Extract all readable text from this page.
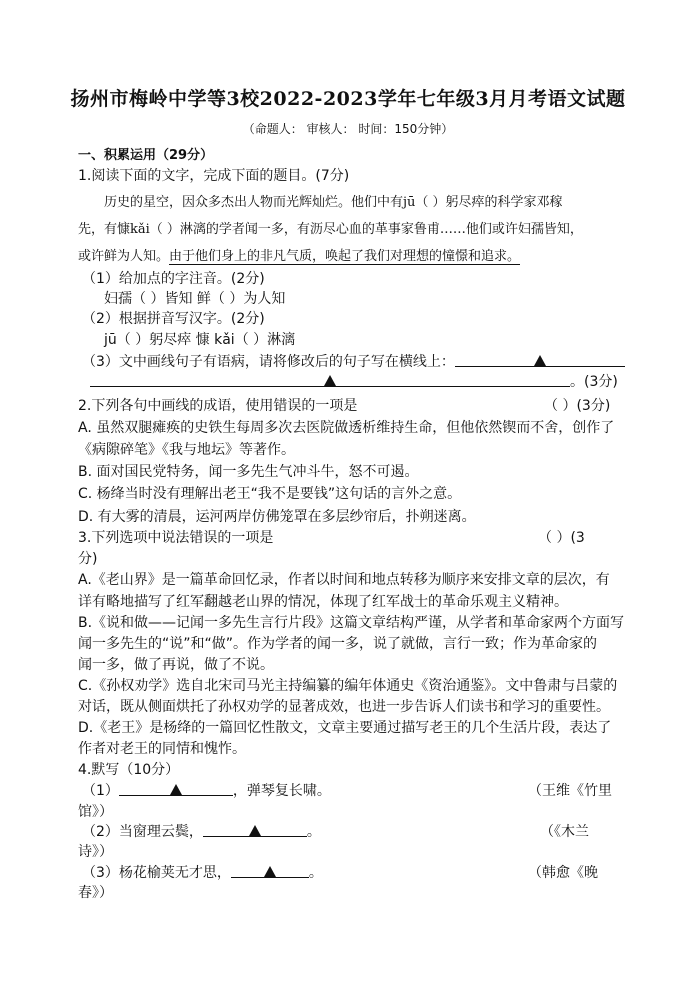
扬州市梅岭中学等3校2022-2023学年七年级3月月考语文试题
（命题人： 审核人： 时间：150分钟）
一、积累运用（29分）
1.阅读下面的文字，完成下面的题目。(7分)
历史的星空，因众多杰出人物而光辉灿烂。他们中有jū（ ）躬尽瘁的科学家邓稼
先，有慷kǎi（ ）淋漓的学者闻一多，有沥尽心血的革事家鲁甫……他们或许妇孺皆知，
或许鲜为人知。由于他们身上的非凡气质，唤起了我们对理想的憧憬和追求。
（1）给加点的字注音。(2分)
妇孺（ ）皆知 鲜（ ）为人知
（2）根据拼音写汉字。(2分)
jū（ ）躬尽瘁 慷 kǎi（ ）淋漓
（3）文中画线句子有语病，请将修改后的句子写在横线上：
。(3分)
2.下列各句中画线的成语，使用错误的一项是	（ ）(3分)
A. 虽然双腿瘫痪的史铁生每周多次去医院做透析维持生命，但他依然锲而不舍，创作了
《病隙碎笔》《我与地坛》等著作。
B. 面对国民党特务，闻一多先生气冲斗牛，怒不可遏。
C. 杨绛当时没有理解出老王“我不是要钱”这句话的言外之意。
D. 有大雾的清晨，运河两岸仿佛笼罩在多层纱帘后，扑朔迷离。
3.下列选项中说法错误的一项是	（ ）(3
分)
A.《老山界》是一篇革命回忆录，作者以时间和地点转移为顺序来安排文章的层次，有
详有略地描写了红军翻越老山界的情况，体现了红军战士的革命乐观主义精神。
B.《说和做——记闻一多先生言行片段》这篇文章结构严谨，从学者和革命家两个方面写
闻一多先生的“说”和“做”。作为学者的闻一多，说了就做，言行一致；作为革命家的
闻一多，做了再说，做了不说。
C.《孙权劝学》选自北宋司马光主持编纂的编年体通史《资治通鉴》。文中鲁肃与吕蒙的
对话，既从侧面烘托了孙权劝学的显著成效，也进一步告诉人们读书和学习的重要性。
D.《老王》是杨绛的一篇回忆性散文，文章主要通过描写老王的几个生活片段，表达了
作者对老王的同情和愧怍。
4.默写（10分）
（1）	，弹琴复长啸。	（王维《竹里
馆》）
（2）当窗理云鬓，	。	（《木兰
诗》）
（3）杨花榆荚无才思，	。	（韩愈《晚
春》）
